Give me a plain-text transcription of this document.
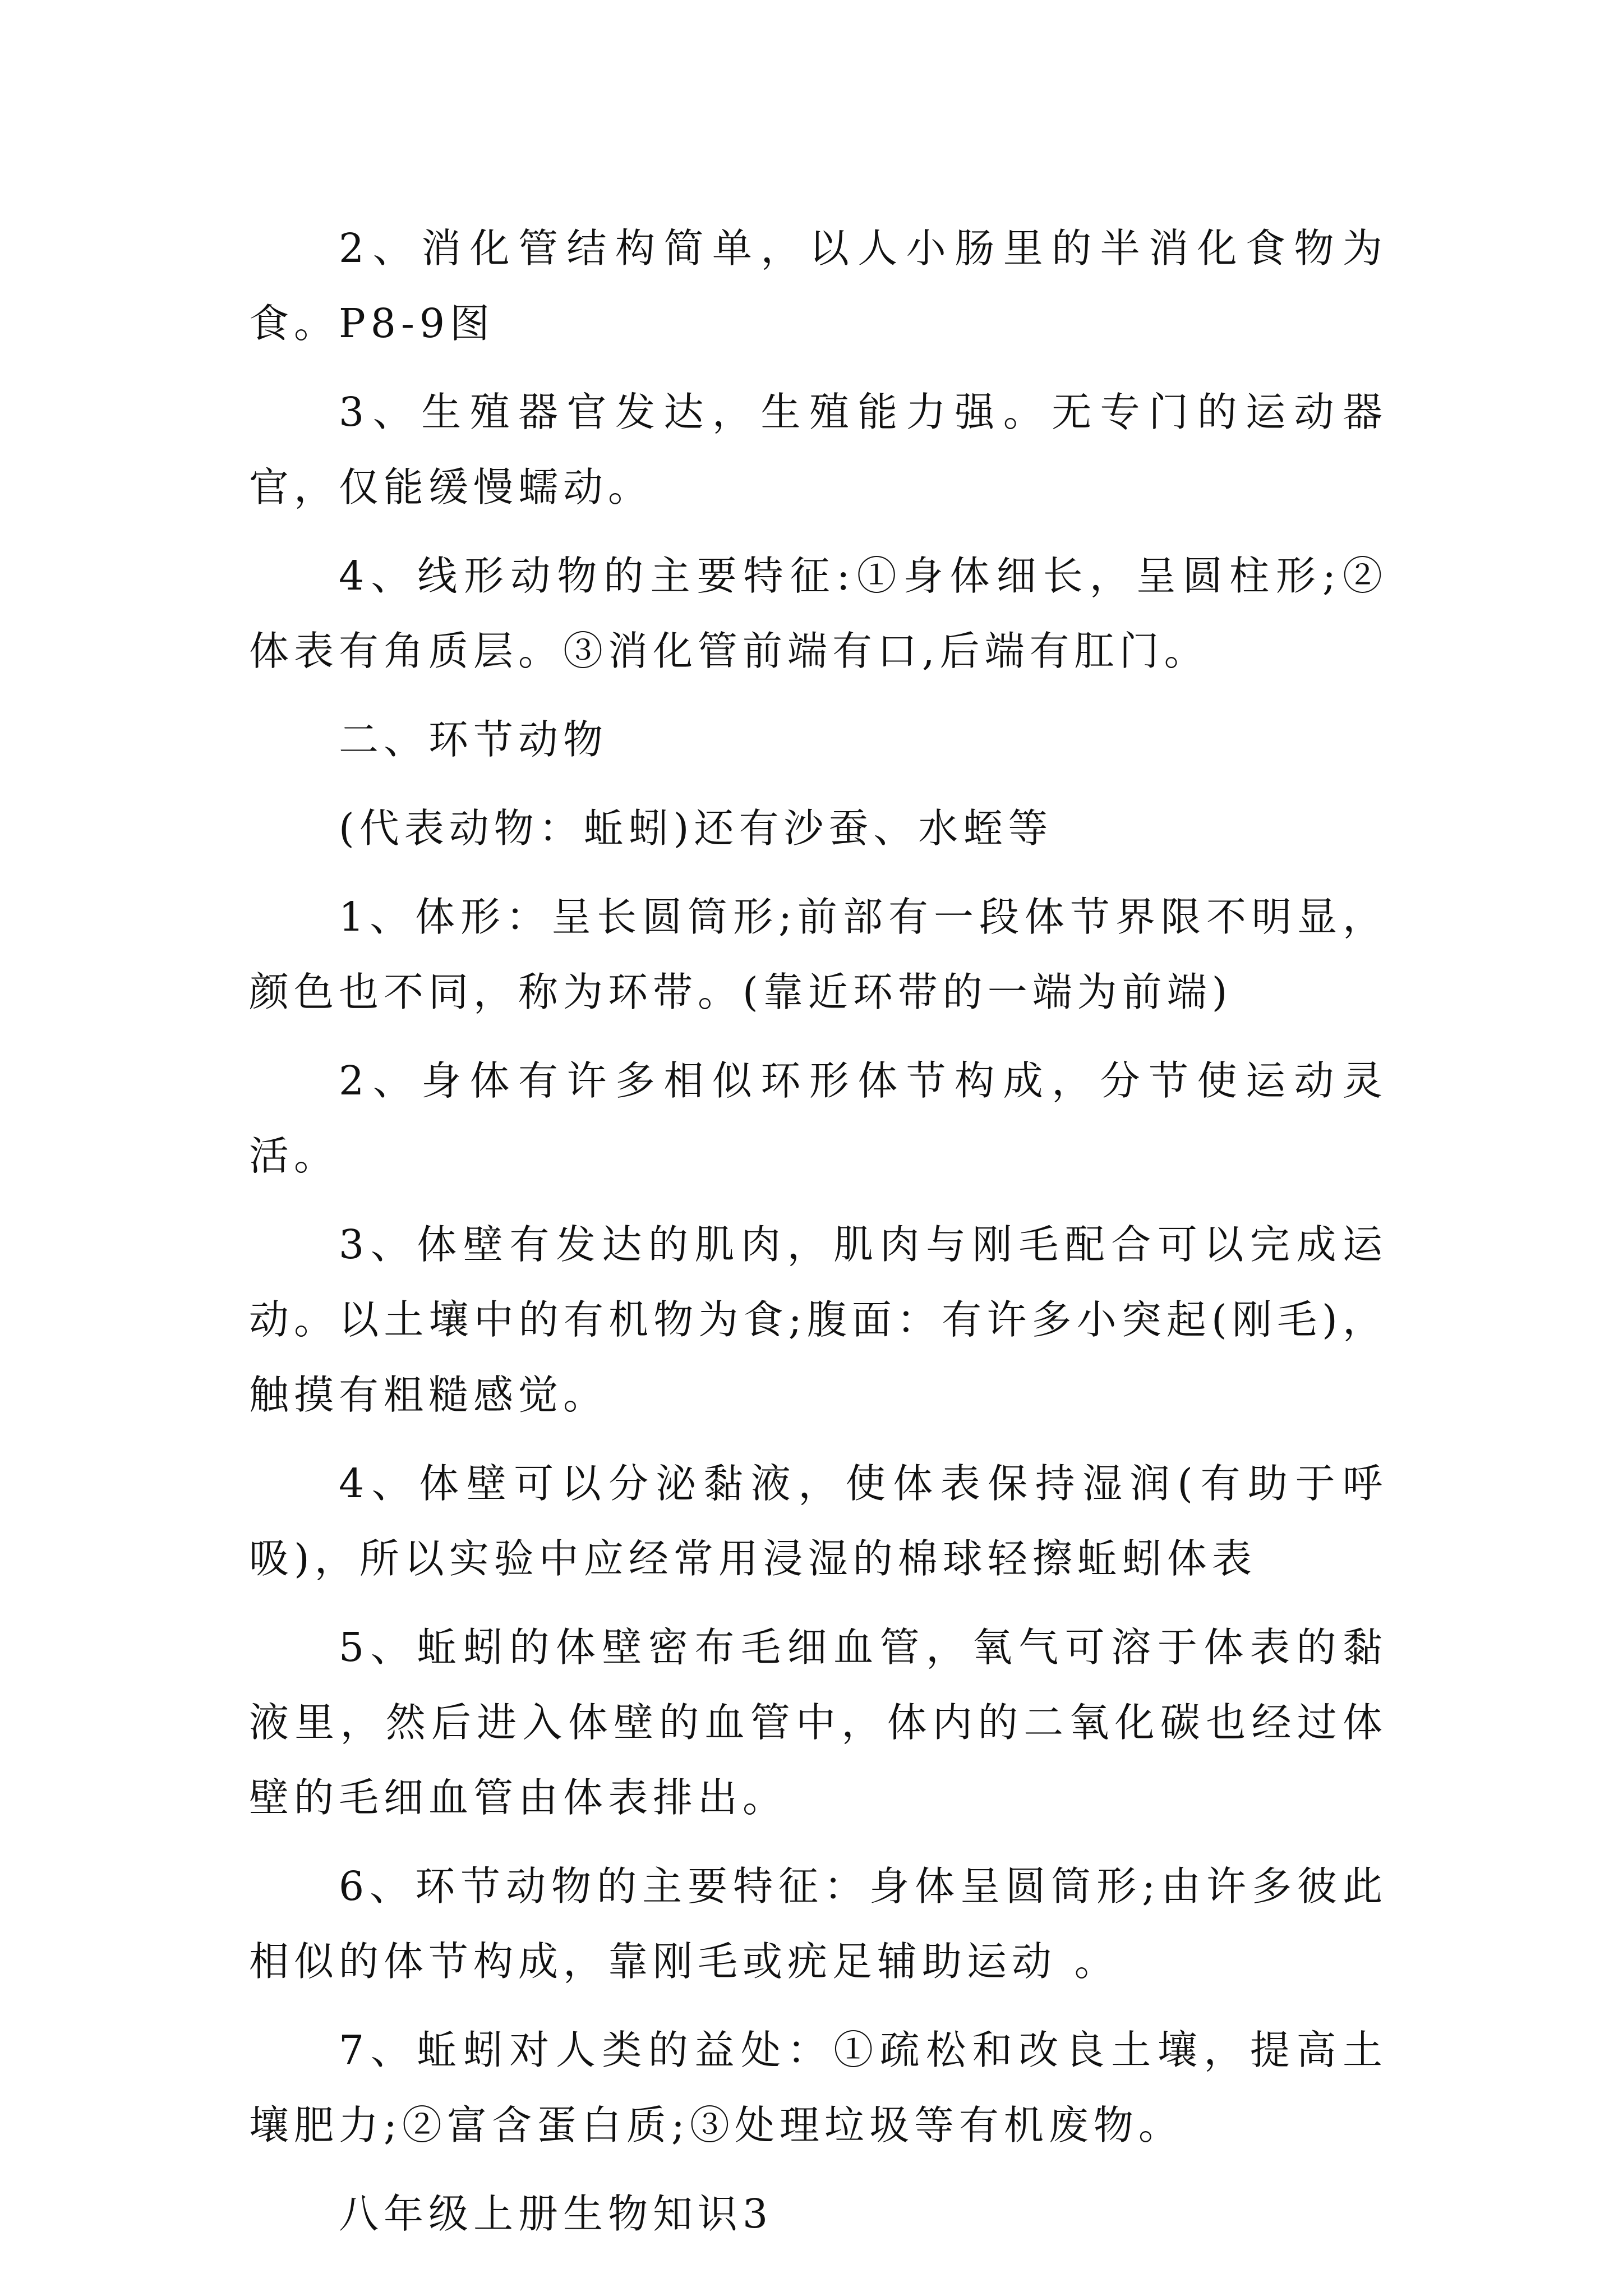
2、消化管结构简单，以人小肠里的半消化食物为食。P8-9图

3、生殖器官发达，生殖能力强。无专门的运动器官，仅能缓慢蠕动。

4、线形动物的主要特征:①身体细长，呈圆柱形;②体表有角质层。③消化管前端有口,后端有肛门。

二、环节动物

(代表动物：蚯蚓)还有沙蚕、水蛭等

1、体形：呈长圆筒形;前部有一段体节界限不明显，颜色也不同，称为环带。(靠近环带的一端为前端)

2、身体有许多相似环形体节构成，分节使运动灵活。

3、体壁有发达的肌肉，肌肉与刚毛配合可以完成运动。以土壤中的有机物为食;腹面：有许多小突起(刚毛)，触摸有粗糙感觉。

4、体壁可以分泌黏液，使体表保持湿润(有助于呼吸)，所以实验中应经常用浸湿的棉球轻擦蚯蚓体表

5、蚯蚓的体壁密布毛细血管，氧气可溶于体表的黏液里，然后进入体壁的血管中，体内的二氧化碳也经过体壁的毛细血管由体表排出。

6、环节动物的主要特征：身体呈圆筒形;由许多彼此相似的体节构成，靠刚毛或疣足辅助运动 。

7、蚯蚓对人类的益处：①疏松和改良土壤，提高土壤肥力;②富含蛋白质;③处理垃圾等有机废物。

八年级上册生物知识3
